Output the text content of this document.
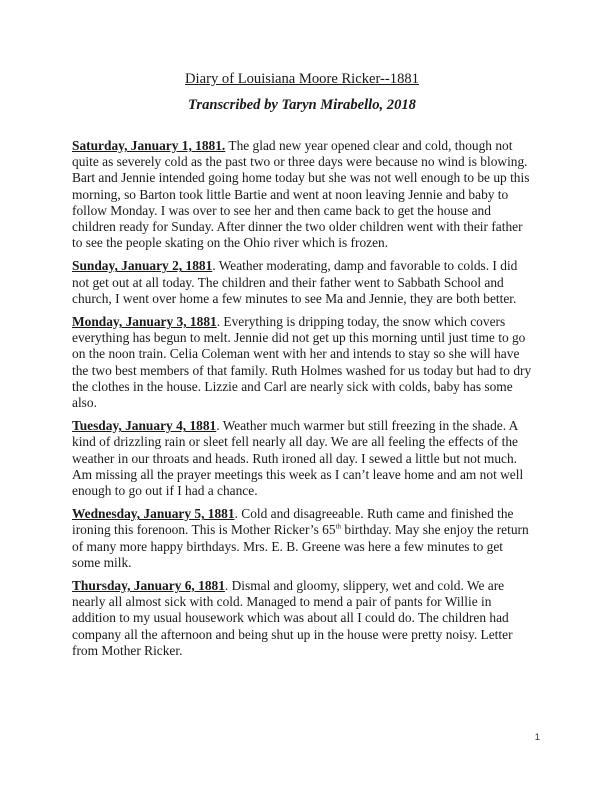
Diary of Louisiana Moore Ricker--1881

Transcribed by Taryn Mirabello, 2018

Saturday, January 1, 1881. The glad new year opened clear and cold, though not quite as severely cold as the past two or three days were because no wind is blowing. Bart and Jennie intended going home today but she was not well enough to be up this morning, so Barton took little Bartie and went at noon leaving Jennie and baby to follow Monday. I was over to see her and then came back to get the house and children ready for Sunday. After dinner the two older children went with their father to see the people skating on the Ohio river which is frozen.

Sunday, January 2, 1881. Weather moderating, damp and favorable to colds. I did not get out at all today. The children and their father went to Sabbath School and church, I went over home a few minutes to see Ma and Jennie, they are both better.

Monday, January 3, 1881. Everything is dripping today, the snow which covers everything has begun to melt. Jennie did not get up this morning until just time to go on the noon train. Celia Coleman went with her and intends to stay so she will have the two best members of that family. Ruth Holmes washed for us today but had to dry the clothes in the house. Lizzie and Carl are nearly sick with colds, baby has some also.

Tuesday, January 4, 1881. Weather much warmer but still freezing in the shade. A kind of drizzling rain or sleet fell nearly all day. We are all feeling the effects of the weather in our throats and heads. Ruth ironed all day. I sewed a little but not much. Am missing all the prayer meetings this week as I can’t leave home and am not well enough to go out if I had a chance.

Wednesday, January 5, 1881. Cold and disagreeable. Ruth came and finished the ironing this forenoon. This is Mother Ricker’s 65th birthday. May she enjoy the return of many more happy birthdays. Mrs. E. B. Greene was here a few minutes to get some milk.

Thursday, January 6, 1881. Dismal and gloomy, slippery, wet and cold. We are nearly all almost sick with cold. Managed to mend a pair of pants for Willie in addition to my usual housework which was about all I could do. The children had company all the afternoon and being shut up in the house were pretty noisy. Letter from Mother Ricker.

1
